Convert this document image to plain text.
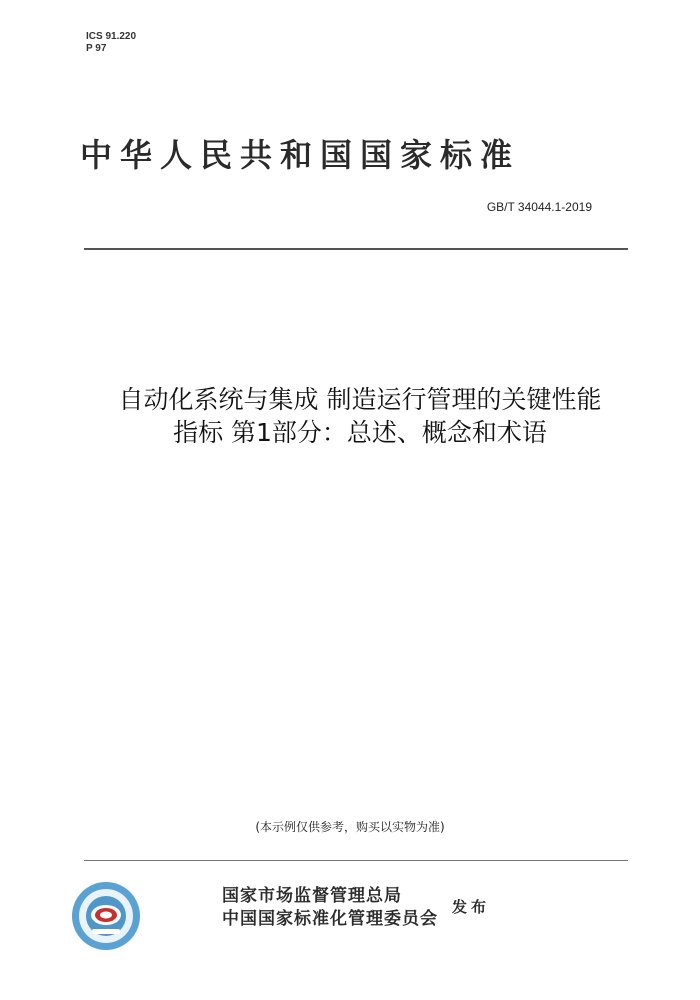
ICS 91.220
P 97
中华人民共和国国家标准
GB/T 34044.1-2019
自动化系统与集成 制造运行管理的关键性能
指标 第1部分：总述、概念和术语
(本示例仅供参考，购买以实物为准)
国家市场监督管理总局
中国国家标准化管理委员会
发布
